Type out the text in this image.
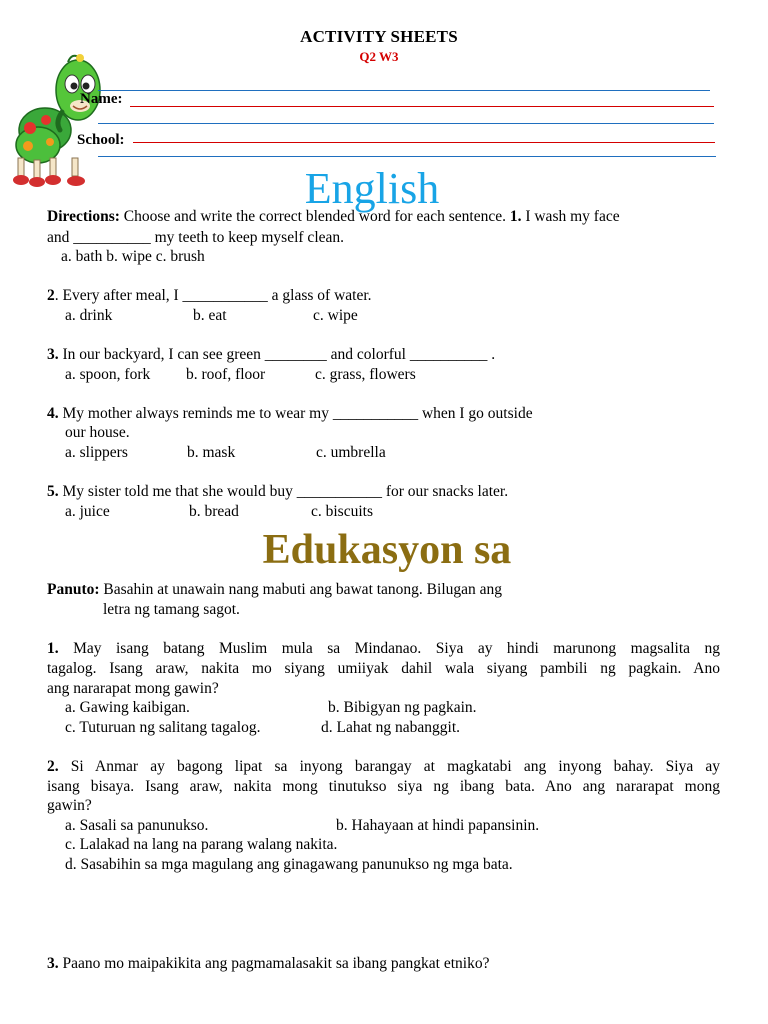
ACTIVITY SHEETS
Q2 W3
Name:
School:
English
Directions: Choose and write the correct blended word for each sentence. 1. I wash my face
and __________ my teeth to keep myself clean.
a. bath b. wipe c. brush
2. Every after meal, I ___________ a glass of water.
a. drink	b. eat	c. wipe
3. In our backyard, I can see green ________ and colorful __________ .
a. spoon, fork b. roof, floor	c. grass, flowers
4. My mother always reminds me to wear my ___________ when I go outside
our house.
a. slippers	b. mask	c. umbrella
5. My sister told me that she would buy ___________ for our snacks later.
a. juice	b. bread	c. biscuits
Edukasyon sa
Panuto: Basahin at unawain nang mabuti ang bawat tanong. Bilugan ang
letra ng tamang sagot.
1. May isang batang Muslim mula sa Mindanao. Siya ay hindi marunong magsalita ng
tagalog. Isang araw, nakita mo siyang umiiyak dahil wala siyang pambili ng pagkain. Ano
ang nararapat mong gawin?
a. Gawing kaibigan.	b. Bibigyan ng pagkain.
c. Tuturuan ng salitang tagalog.	d. Lahat ng nabanggit.
2. Si Anmar ay bagong lipat sa inyong barangay at magkatabi ang inyong bahay. Siya ay
isang bisaya. Isang araw, nakita mong tinutukso siya ng ibang bata. Ano ang nararapat mong
gawin?
a. Sasali sa panunukso.	b. Hahayaan at hindi papansinin.
c. Lalakad na lang na parang walang nakita.
d. Sasabihin sa mga magulang ang ginagawang panunukso ng mga bata.
3. Paano mo maipakikita ang pagmamalasakit sa ibang pangkat etniko?
